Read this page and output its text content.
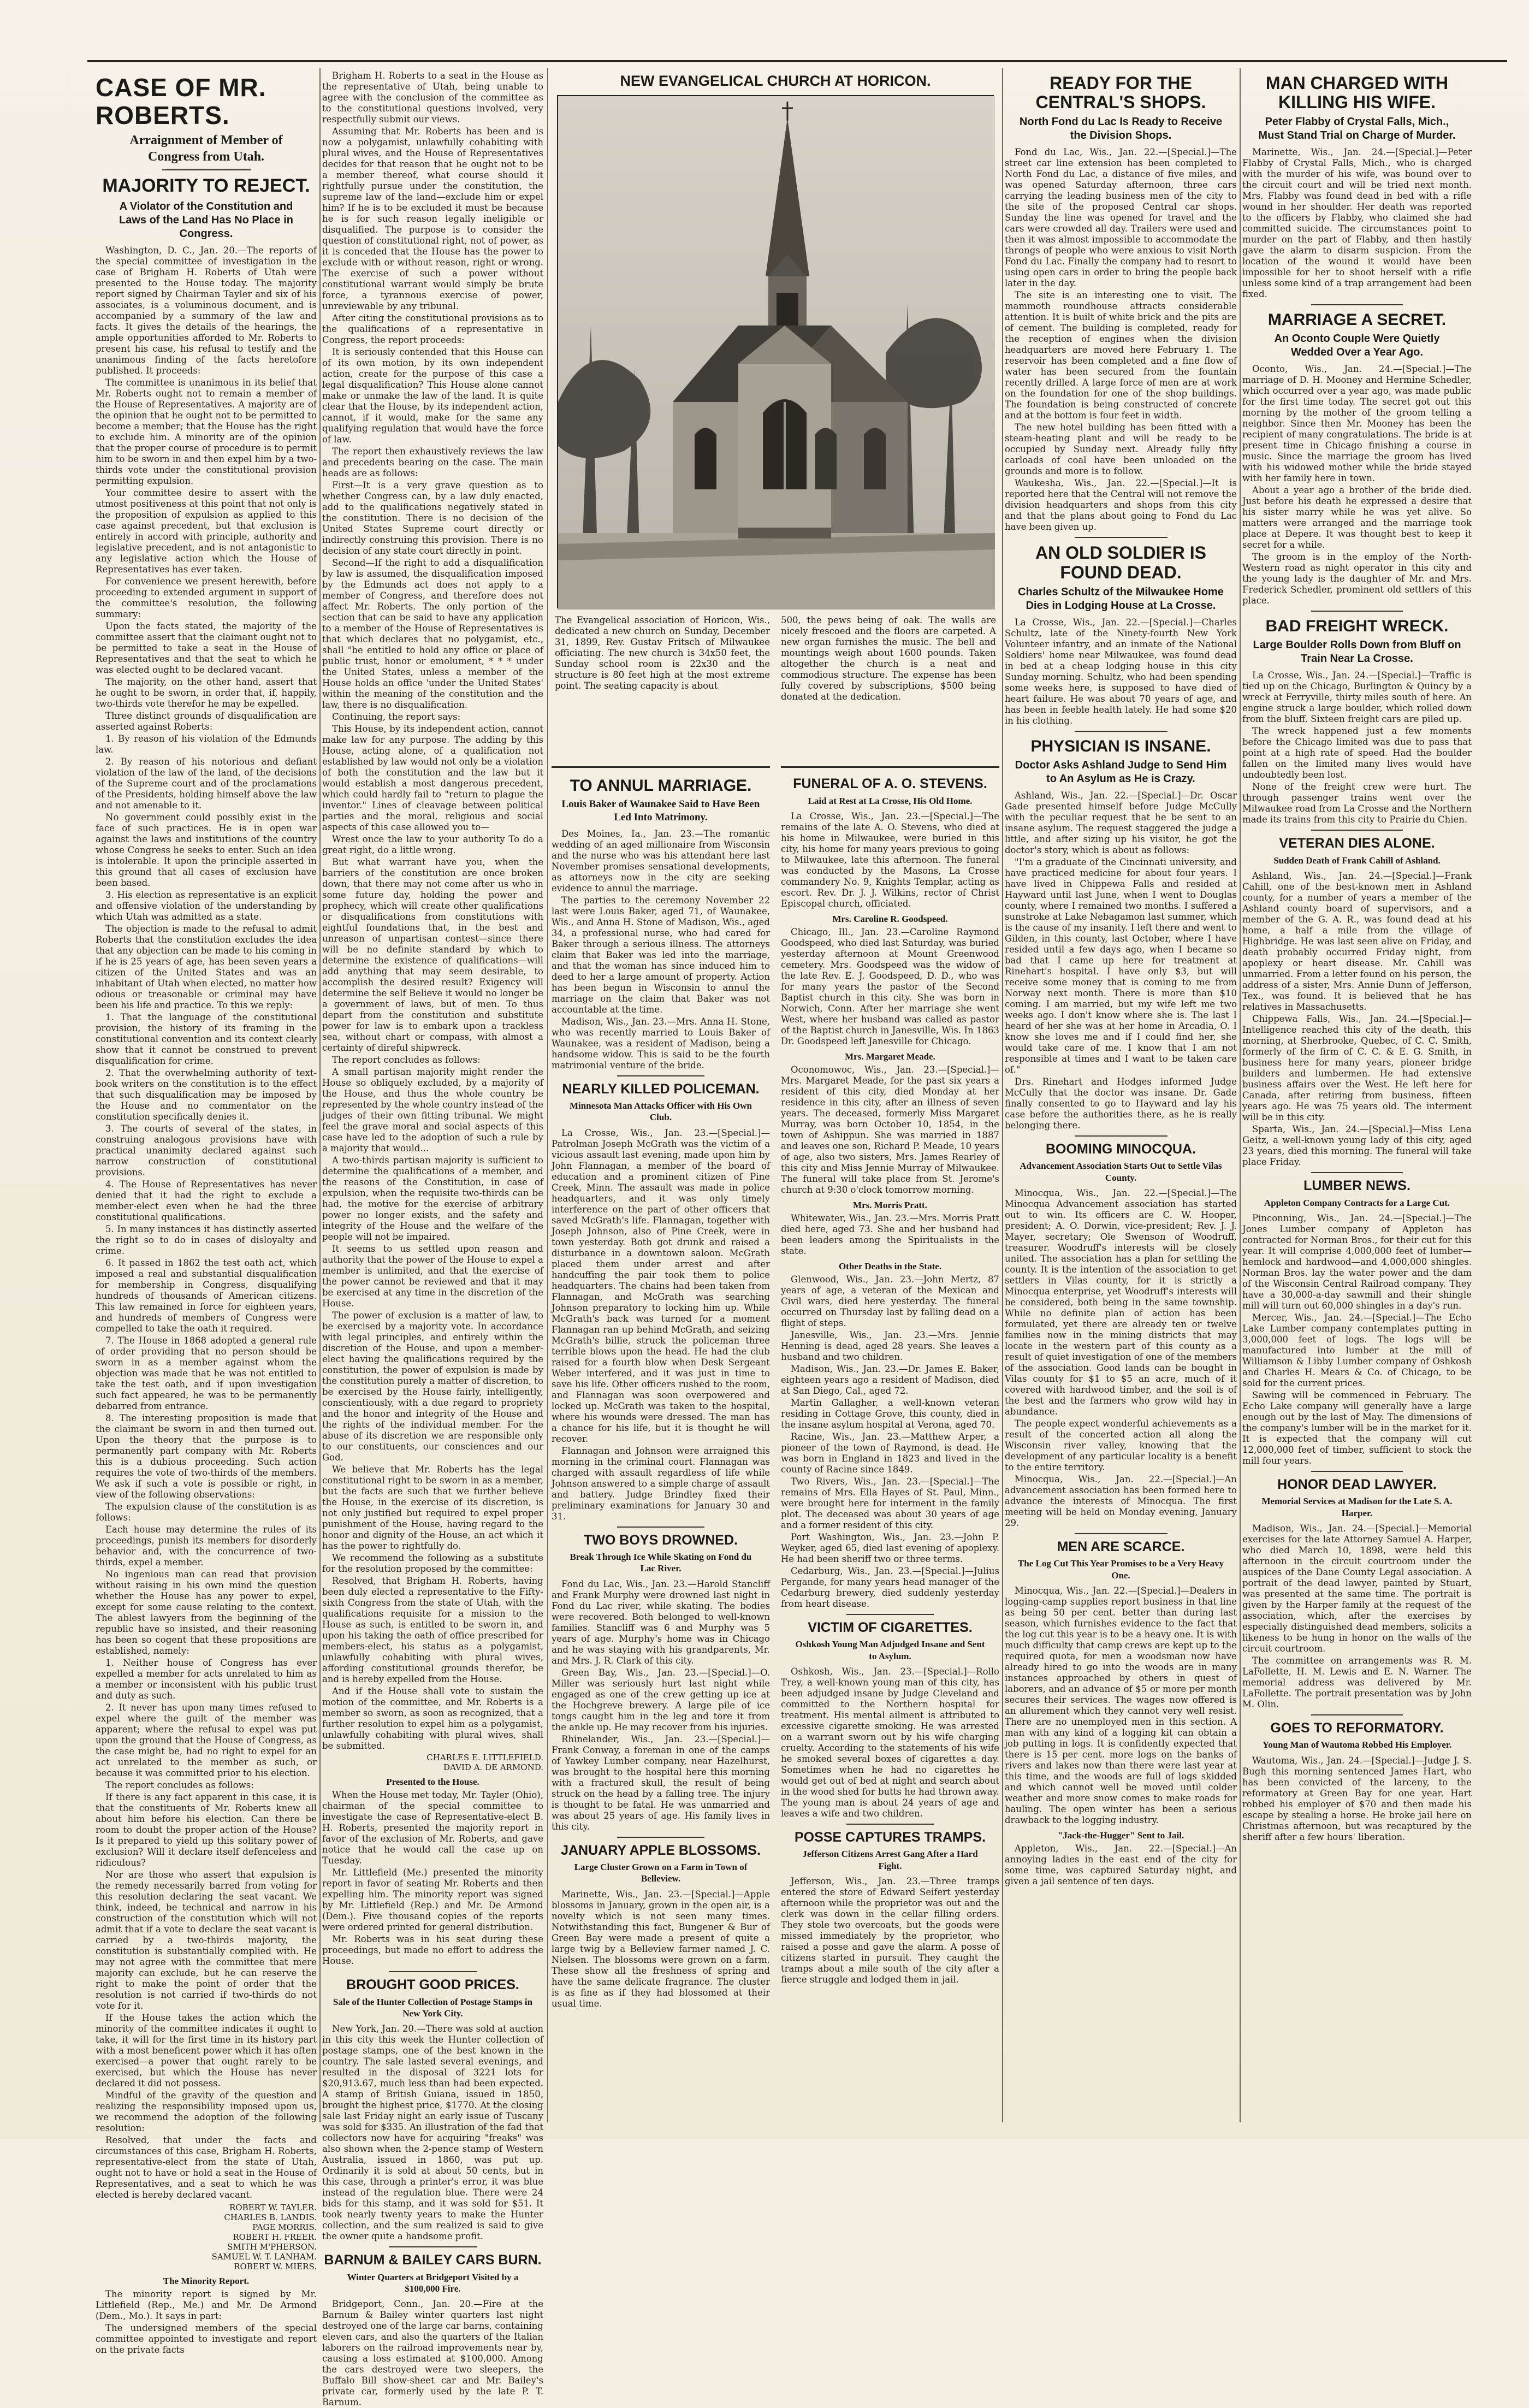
CASE OF MR. ROBERTS.
Arraignment of Member of Congress from Utah.
MAJORITY TO REJECT.
A Violator of the Constitution and Laws of the Land Has No Place in Congress.

Washington, D. C., Jan. 20.—The reports of the special committee of investigation in the case of Brigham H. Roberts of Utah were presented to the House today. The majority report signed by Chairman Tayler and six of his associates, is a voluminous document, and is accompanied by a summary of the law and facts. It gives the details of the hearings, the ample opportunities afforded to Mr. Roberts to present his case, his refusal to testify and the unanimous finding of the facts heretofore published. It proceeds:

The committee is unanimous in its belief that Mr. Roberts ought not to remain a member of the House of Representatives. A majority are of the opinion that he ought not to be permitted to become a member; that the House has the right to exclude him. A minority are of the opinion that the proper course of procedure is to permit him to be sworn in and then expel him by a two-thirds vote under the constitutional provision permitting expulsion.

Your committee desire to assert with the utmost positiveness at this point that not only is the proposition of expulsion as applied to this case against precedent, but that exclusion is entirely in accord with principle, authority and legislative precedent, and is not antagonistic to any legislative action which the House of Representatives has ever taken.

For convenience we present herewith, before proceeding to extended argument in support of the committee's resolution, the following summary:

Upon the facts stated, the majority of the committee assert that the claimant ought not to be permitted to take a seat in the House of Representatives and that the seat to which he was elected ought to be declared vacant.

The majority, on the other hand, assert that he ought to be sworn, in order that, if, happily, two-thirds vote therefor he may be expelled.

Three distinct grounds of disqualification are asserted against Roberts:

1. By reason of his violation of the Edmunds law.

2. By reason of his notorious and defiant violation of the law of the land, of the decisions of the Supreme court and of the proclamations of the Presidents, holding himself above the law and not amenable to it.

No government could possibly exist in the face of such practices. He is in open war against the laws and institutions of the country whose Congress he seeks to enter. Such an idea is intolerable. It upon the principle asserted in this ground that all cases of exclusion have been based.

3. His election as representative is an explicit and offensive violation of the understanding by which Utah was admitted as a state.

The objection is made to the refusal to admit Roberts that the constitution excludes the idea that any objection can be made to his coming in if he is 25 years of age, has been seven years a citizen of the United States and was an inhabitant of Utah when elected, no matter how odious or treasonable or criminal may have been his life and practice. To this we reply:

1. That the language of the constitutional provision, the history of its framing in the constitutional convention and its context clearly show that it cannot be construed to prevent disqualification for crime.

2. That the overwhelming authority of text-book writers on the constitution is to the effect that such disqualification may be imposed by the House and no commentator on the constitution specifically denies it.

3. The courts of several of the states, in construing analogous provisions have with practical unanimity declared against such narrow construction of constitutional provisions.

4. The House of Representatives has never denied that it had the right to exclude a member-elect even when he had the three constitutional qualifications.

5. In many instances it has distinctly asserted the right so to do in cases of disloyalty and crime.

6. It passed in 1862 the test oath act, which imposed a real and substantial disqualification for membership in Congress, disqualifying hundreds of thousands of American citizens. This law remained in force for eighteen years, and hundreds of members of Congress were compelled to take the oath it required.

7. The House in 1868 adopted a general rule of order providing that no person should be sworn in as a member against whom the objection was made that he was not entitled to take the test oath, and if upon investigation such fact appeared, he was to be permanently debarred from entrance.

8. The interesting proposition is made that the claimant be sworn in and then turned out. Upon the theory that the purpose is to permanently part company with Mr. Roberts this is a dubious proceeding. Such action requires the vote of two-thirds of the members. We ask if such a vote is possible or right, in view of the following observations:

The expulsion clause of the constitution is as follows:

Each house may determine the rules of its proceedings, punish its members for disorderly behavior and, with the concurrence of two-thirds, expel a member.

No ingenious man can read that provision without raising in his own mind the question whether the House has any power to expel, except for some cause relating to the context. The ablest lawyers from the beginning of the republic have so insisted, and their reasoning has been so cogent that these propositions are established, namely:

1. Neither house of Congress has ever expelled a member for acts unrelated to him as a member or inconsistent with his public trust and duty as such.

2. It never has upon many times refused to expel where the guilt of the member was apparent; where the refusal to expel was put upon the ground that the House of Congress, as the case might be, had no right to expel for an act unrelated to the member as such, or because it was committed prior to his election.

The report concludes as follows:

If there is any fact apparent in this case, it is that the constituents of Mr. Roberts knew all about him before his election. Can there be room to doubt the proper action of the House? Is it prepared to yield up this solitary power of exclusion? Will it declare itself defenceless and ridiculous?

Nor are those who assert that expulsion is the remedy necessarily barred from voting for this resolution declaring the seat vacant. We think, indeed, be technical and narrow in his construction of the constitution which will not admit that if a vote to declare the seat vacant is carried by a two-thirds majority, the constitution is substantially complied with. He may not agree with the committee that mere majority can exclude, but he can reserve the right to make the point of order that the resolution is not carried if two-thirds do not vote for it.

If the House takes the action which the minority of the committee indicates it ought to take, it will for the first time in its history part with a most beneficent power which it has often exercised—a power that ought rarely to be exercised, but which the House has never declared it did not possess.

Mindful of the gravity of the question and realizing the responsibility imposed upon us, we recommend the adoption of the following resolution:

Resolved, that under the facts and circumstances of this case, Brigham H. Roberts, representative-elect from the state of Utah, ought not to have or hold a seat in the House of Representatives, and a seat to which he was elected is hereby declared vacant.

ROBERT W. TAYLER.
CHARLES B. LANDIS.
PAGE MORRIS.
ROBERT H. FREER.
SMITH M'PHERSON.
SAMUEL W. T. LANHAM.
ROBERT W. MIERS.
The Minority Report.

The minority report is signed by Mr. Littlefield (Rep., Me.) and Mr. De Armond (Dem., Mo.). It says in part:

The undersigned members of the special committee appointed to investigate and report on the private facts

Brigham H. Roberts to a seat in the House as the representative of Utah, being unable to agree with the conclusion of the committee as to the constitutional questions involved, very respectfully submit our views.

Assuming that Mr. Roberts has been and is now a polygamist, unlawfully cohabiting with plural wives, and the House of Representatives decides for that reason that he ought not to be a member thereof, what course should it rightfully pursue under the constitution, the supreme law of the land—exclude him or expel him? If he is to be excluded it must be because he is for such reason legally ineligible or disqualified. The purpose is to consider the question of constitutional right, not of power, as it is conceded that the House has the power to exclude with or without reason, right or wrong. The exercise of such a power without constitutional warrant would simply be brute force, a tyrannous exercise of power, unreviewable by any tribunal.

After citing the constitutional provisions as to the qualifications of a representative in Congress, the report proceeds:

It is seriously contended that this House can of its own motion, by its own independent action, create for the purpose of this case a legal disqualification? This House alone cannot make or unmake the law of the land. It is quite clear that the House, by its independent action, cannot, if it would, make for the same any qualifying regulation that would have the force of law.

The report then exhaustively reviews the law and precedents bearing on the case. The main heads are as follows:

First—It is a very grave question as to whether Congress can, by a law duly enacted, add to the qualifications negatively stated in the constitution. There is no decision of the United States Supreme court directly or indirectly construing this provision. There is no decision of any state court directly in point.

Second—If the right to add a disqualification by law is assumed, the disqualification imposed by the Edmunds act does not apply to a member of Congress, and therefore does not affect Mr. Roberts. The only portion of the section that can be said to have any application to a member of the House of Representatives is that which declares that no polygamist, etc., shall "be entitled to hold any office or place of public trust, honor or emolument, * * * under the United States, unless a member of the House holds an office 'under the United States' within the meaning of the constitution and the law, there is no disqualification.

Continuing, the report says:

This House, by its independent action, cannot make law for any purpose. The adding by this House, acting alone, of a qualification not established by law would not only be a violation of both the constitution and the law but it would establish a most dangerous precedent, which could hardly fail to "return to plague the inventor." Lines of cleavage between political parties and the moral, religious and social aspects of this case allowed you to—

Wrest once the law to your authority To do a great right, do a little wrong.

But what warrant have you, when the barriers of the constitution are once broken down, that there may not come after us who in some future day, holding the power and prophecy, which will create other qualifications or disqualifications from constitutions with eightful foundations that, in the best and unreason of unpartisan contest—since there will be no definite standard by which to determine the existence of qualifications—will add anything that may seem desirable, to accomplish the desired result? Exigency will determine the self Believe it would no longer be a government of laws, but of men. To thus depart from the constitution and substitute power for law is to embark upon a trackless sea, without chart or compass, with almost a certainty of direful shipwreck.

The report concludes as follows:

A small partisan majority might render the House so obliquely excluded, by a majority of the House, and thus the whole country be represented by the whole country instead of the judges of their own fitting tribunal. We might feel the grave moral and social aspects of this case have led to the adoption of such a rule by a majority that would...

A two-thirds partisan majority is sufficient to determine the qualifications of a member, and the reasons of the Constitution, in case of expulsion, when the requisite two-thirds can be had, the motive for the exercise of arbitrary power no longer exists, and the safety and integrity of the House and the welfare of the people will not be impaired.

It seems to us settled upon reason and authority that the power of the House to expel a member is unlimited, and that the exercise of the power cannot be reviewed and that it may be exercised at any time in the discretion of the House.

The power of exclusion is a matter of law, to be exercised by a majority vote. In accordance with legal principles, and entirely within the discretion of the House, and upon a member-elect having the qualifications required by the constitution, the power of expulsion is made by the constitution purely a matter of discretion, to be exercised by the House fairly, intelligently, conscientiously, with a due regard to propriety and the honor and integrity of the House and the rights of the individual member. For the abuse of its discretion we are responsible only to our constituents, our consciences and our God.

We believe that Mr. Roberts has the legal constitutional right to be sworn in as a member, but the facts are such that we further believe the House, in the exercise of its discretion, is not only justified but required to expel proper punishment of the House, having regard to the honor and dignity of the House, an act which it has the power to rightfully do.

We recommend the following as a substitute for the resolution proposed by the committee:

Resolved, that Brigham H. Roberts, having been duly elected a representative to the Fifty-sixth Congress from the state of Utah, with the qualifications requisite for a mission to the House as such, is entitled to be sworn in, and upon his taking the oath of office prescribed for members-elect, his status as a polygamist, unlawfully cohabiting with plural wives, affording constitutional grounds therefor, be and is hereby expelled from the House.

And if the House shall vote to sustain the motion of the committee, and Mr. Roberts is a member so sworn, as soon as recognized, that a further resolution to expel him as a polygamist, unlawfully cohabiting with plural wives, shall be submitted.

CHARLES E. LITTLEFIELD.
DAVID A. DE ARMOND.
Presented to the House.

When the House met today, Mr. Tayler (Ohio), chairman of the special committee to investigate the case of Representative-elect B. H. Roberts, presented the majority report in favor of the exclusion of Mr. Roberts, and gave notice that he would call the case up on Tuesday.

Mr. Littlefield (Me.) presented the minority report in favor of seating Mr. Roberts and then expelling him. The minority report was signed by Mr. Littlefield (Rep.) and Mr. De Armond (Dem.). Five thousand copies of the reports were ordered printed for general distribution.

Mr. Roberts was in his seat during these proceedings, but made no effort to address the House.

BROUGHT GOOD PRICES.
Sale of the Hunter Collection of Postage Stamps in New York City.

New York, Jan. 20.—There was sold at auction in this city this week the Hunter collection of postage stamps, one of the best known in the country. The sale lasted several evenings, and resulted in the disposal of 3221 lots for $20,913.67, much less than had been expected. A stamp of British Guiana, issued in 1850, brought the highest price, $1770. At the closing sale last Friday night an early issue of Tuscany was sold for $335. An illustration of the fad that collectors now have for acquiring "freaks" was also shown when the 2-pence stamp of Western Australia, issued in 1860, was put up. Ordinarily it is sold at about 50 cents, but in this case, through a printer's error, it was blue instead of the regulation blue. There were 24 bids for this stamp, and it was sold for $51. It took nearly twenty years to make the Hunter collection, and the sum realized is said to give the owner quite a handsome profit.

BARNUM & BAILEY CARS BURN.
Winter Quarters at Bridgeport Visited by a $100,000 Fire.

Bridgeport, Conn., Jan. 20.—Fire at the Barnum & Bailey winter quarters last night destroyed one of the large car barns, containing eleven cars, and also the quarters of the Italian laborers on the railroad improvements near by, causing a loss estimated at $100,000. Among the cars destroyed were two sleepers, the Buffalo Bill show-sheet car and Mr. Bailey's private car, formerly used by the late P. T. Barnum.

NEW EVANGELICAL CHURCH AT HORICON.
The Evangelical association of Horicon, Wis., dedicated a new church on Sunday, December 31, 1899, Rev. Gustav Fritsch of Milwaukee officiating. The new church is 34x50 feet, the Sunday school room is 22x30 and the structure is 80 feet high at the most extreme point. The seating capacity is about
500, the pews being of oak. The walls are nicely frescoed and the floors are carpeted. A new organ furnishes the music. The bell and mountings weigh about 1600 pounds. Taken altogether the church is a neat and commodious structure. The expense has been fully covered by subscriptions, $500 being donated at the dedication.
TO ANNUL MARRIAGE.
Louis Baker of Waunakee Said to Have Been Led Into Matrimony.

Des Moines, Ia., Jan. 23.—The romantic wedding of an aged millionaire from Wisconsin and the nurse who was his attendant here last November promises sensational developments, as attorneys now in the city are seeking evidence to annul the marriage.

The parties to the ceremony November 22 last were Louis Baker, aged 71, of Waunakee, Wis., and Anna H. Stone of Madison, Wis., aged 34, a professional nurse, who had cared for Baker through a serious illness. The attorneys claim that Baker was led into the marriage, and that the woman has since induced him to deed to her a large amount of property. Action has been begun in Wisconsin to annul the marriage on the claim that Baker was not accountable at the time.

Madison, Wis., Jan. 23.—Mrs. Anna H. Stone, who was recently married to Louis Baker of Waunakee, was a resident of Madison, being a handsome widow. This is said to be the fourth matrimonial venture of the bride.

NEARLY KILLED POLICEMAN.
Minnesota Man Attacks Officer with His Own Club.

La Crosse, Wis., Jan. 23.—[Special.]—Patrolman Joseph McGrath was the victim of a vicious assault last evening, made upon him by John Flannagan, a member of the board of education and a prominent citizen of Pine Creek, Minn. The assault was made in police headquarters, and it was only timely interference on the part of other officers that saved McGrath's life. Flannagan, together with Joseph Johnson, also of Pine Creek, were in town yesterday. Both got drunk and raised a disturbance in a downtown saloon. McGrath placed them under arrest and after handcuffing the pair took them to police headquarters. The chains had been taken from Flannagan, and McGrath was searching Johnson preparatory to locking him up. While McGrath's back was turned for a moment Flannagan ran up behind McGrath, and seizing McGrath's billie, struck the policeman three terrible blows upon the head. He had the club raised for a fourth blow when Desk Sergeant Weber interfered, and it was just in time to save his life. Other officers rushed to the room, and Flannagan was soon overpowered and locked up. McGrath was taken to the hospital, where his wounds were dressed. The man has a chance for his life, but it is thought he will recover.

Flannagan and Johnson were arraigned this morning in the criminal court. Flannagan was charged with assault regardless of life while Johnson answered to a simple charge of assault and battery. Judge Brindley fixed their preliminary examinations for January 30 and 31.

TWO BOYS DROWNED.
Break Through Ice While Skating on Fond du Lac River.

Fond du Lac, Wis., Jan. 23.—Harold Stancliff and Frank Murphy were drowned last night in Fond du Lac river, while skating. The bodies were recovered. Both belonged to well-known families. Stancliff was 6 and Murphy was 5 years of age. Murphy's home was in Chicago and he was staying with his grandparents, Mr. and Mrs. J. R. Clark of this city.

Green Bay, Wis., Jan. 23.—[Special.]—O. Miller was seriously hurt last night while engaged as one of the crew getting up ice at the Hochgreve brewery. A large pile of ice tongs caught him in the leg and tore it from the ankle up. He may recover from his injuries.

Rhinelander, Wis., Jan. 23.—[Special.]—Frank Conway, a foreman in one of the camps of Yawkey Lumber company, near Hazelhurst, was brought to the hospital here this morning with a fractured skull, the result of being struck on the head by a falling tree. The injury is thought to be fatal. He was unmarried and was about 25 years of age. His family lives in this city.

JANUARY APPLE BLOSSOMS.
Large Cluster Grown on a Farm in Town of Belleview.

Marinette, Wis., Jan. 23.—[Special.]—Apple blossoms in January, grown in the open air, is a novelty which is not seen many times. Notwithstanding this fact, Bungener & Bur of Green Bay were made a present of quite a large twig by a Belleview farmer named J. C. Nielsen. The blossoms were grown on a farm. These show all the freshness of spring and have the same delicate fragrance. The cluster is as fine as if they had blossomed at their usual time.

FUNERAL OF A. O. STEVENS.
Laid at Rest at La Crosse, His Old Home.

La Crosse, Wis., Jan. 23.—[Special.]—The remains of the late A. O. Stevens, who died at his home in Milwaukee, were buried in this city, his home for many years previous to going to Milwaukee, late this afternoon. The funeral was conducted by the Masons, La Crosse commandery No. 9, Knights Templar, acting as escort. Rev. Dr. J. J. Wilkins, rector of Christ Episcopal church, officiated.

Mrs. Caroline R. Goodspeed.

Chicago, Ill., Jan. 23.—Caroline Raymond Goodspeed, who died last Saturday, was buried yesterday afternoon at Mount Greenwood cemetery. Mrs. Goodspeed was the widow of the late Rev. E. J. Goodspeed, D. D., who was for many years the pastor of the Second Baptist church in this city. She was born in Norwich, Conn. After her marriage she went West, where her husband was called as pastor of the Baptist church in Janesville, Wis. In 1863 Dr. Goodspeed left Janesville for Chicago.

Mrs. Margaret Meade.

Oconomowoc, Wis., Jan. 23.—[Special.]—Mrs. Margaret Meade, for the past six years a resident of this city, died Monday at her residence in this city, after an illness of seven years. The deceased, formerly Miss Margaret Murray, was born October 10, 1854, in the town of Ashippun. She was married in 1887 and leaves one son, Richard P. Meade, 10 years of age, also two sisters, Mrs. James Rearley of this city and Miss Jennie Murray of Milwaukee. The funeral will take place from St. Jerome's church at 9:30 o'clock tomorrow morning.

Mrs. Morris Pratt.

Whitewater, Wis., Jan. 23.—Mrs. Morris Pratt died here, aged 73. She and her husband had been leaders among the Spiritualists in the state.

Other Deaths in the State.

Glenwood, Wis., Jan. 23.—John Mertz, 87 years of age, a veteran of the Mexican and Civil wars, died here yesterday. The funeral occurred on Thursday last by falling dead on a flight of steps.

Janesville, Wis., Jan. 23.—Mrs. Jennie Henning is dead, aged 28 years. She leaves a husband and two children.

Madison, Wis., Jan. 23.—Dr. James E. Baker, eighteen years ago a resident of Madison, died at San Diego, Cal., aged 72.

Martin Gallagher, a well-known veteran residing in Cottage Grove, this county, died in the insane asylum hospital at Verona, aged 70.

Racine, Wis., Jan. 23.—Matthew Arper, a pioneer of the town of Raymond, is dead. He was born in England in 1823 and lived in the county of Racine since 1849.

Two Rivers, Wis., Jan. 23.—[Special.]—The remains of Mrs. Ella Hayes of St. Paul, Minn., were brought here for interment in the family plot. The deceased was about 30 years of age and a former resident of this city.

Port Washington, Wis., Jan. 23.—John P. Weyker, aged 65, died last evening of apoplexy. He had been sheriff two or three terms.

Cedarburg, Wis., Jan. 23.—[Special.]—Julius Pergande, for many years head manager of the Cedarburg brewery, died suddenly yesterday from heart disease.

VICTIM OF CIGARETTES.
Oshkosh Young Man Adjudged Insane and Sent to Asylum.

Oshkosh, Wis., Jan. 23.—[Special.]—Rollo Trey, a well-known young man of this city, has been adjudged insane by Judge Cleveland and committed to the Northern hospital for treatment. His mental ailment is attributed to excessive cigarette smoking. He was arrested on a warrant sworn out by his wife charging cruelty. According to the statements of his wife he smoked several boxes of cigarettes a day. Sometimes when he had no cigarettes he would get out of bed at night and search about in the wood shed for butts he had thrown away. The young man is about 24 years of age and leaves a wife and two children.

POSSE CAPTURES TRAMPS.
Jefferson Citizens Arrest Gang After a Hard Fight.

Jefferson, Wis., Jan. 23.—Three tramps entered the store of Edward Seifert yesterday afternoon while the proprietor was out and the clerk was down in the cellar filling orders. They stole two overcoats, but the goods were missed immediately by the proprietor, who raised a posse and gave the alarm. A posse of citizens started in pursuit. They caught the tramps about a mile south of the city after a fierce struggle and lodged them in jail.

READY FOR THE CENTRAL'S SHOPS.
North Fond du Lac Is Ready to Receive the Division Shops.

Fond du Lac, Wis., Jan. 22.—[Special.]—The street car line extension has been completed to North Fond du Lac, a distance of five miles, and was opened Saturday afternoon, three cars carrying the leading business men of the city to the site of the proposed Central car shops. Sunday the line was opened for travel and the cars were crowded all day. Trailers were used and then it was almost impossible to accommodate the throngs of people who were anxious to visit North Fond du Lac. Finally the company had to resort to using open cars in order to bring the people back later in the day.

The site is an interesting one to visit. The mammoth roundhouse attracts considerable attention. It is built of white brick and the pits are of cement. The building is completed, ready for the reception of engines when the division headquarters are moved here February 1. The reservoir has been completed and a fine flow of water has been secured from the fountain recently drilled. A large force of men are at work on the foundation for one of the shop buildings. The foundation is being constructed of concrete and at the bottom is four feet in width.

The new hotel building has been fitted with a steam-heating plant and will be ready to be occupied by Sunday next. Already fully fifty carloads of coal have been unloaded on the grounds and more is to follow.

Waukesha, Wis., Jan. 22.—[Special.]—It is reported here that the Central will not remove the division headquarters and shops from this city and that the plans about going to Fond du Lac have been given up.

AN OLD SOLDIER IS FOUND DEAD.
Charles Schultz of the Milwaukee Home Dies in Lodging House at La Crosse.

La Crosse, Wis., Jan. 22.—[Special.]—Charles Schultz, late of the Ninety-fourth New York Volunteer infantry, and an inmate of the National Soldiers' home near Milwaukee, was found dead in bed at a cheap lodging house in this city Sunday morning. Schultz, who had been spending some weeks here, is supposed to have died of heart failure. He was about 70 years of age, and has been in feeble health lately. He had some $20 in his clothing.

PHYSICIAN IS INSANE.
Doctor Asks Ashland Judge to Send Him to An Asylum as He is Crazy.

Ashland, Wis., Jan. 22.—[Special.]—Dr. Oscar Gade presented himself before Judge McCully with the peculiar request that he be sent to an insane asylum. The request staggered the judge a little, and after sizing up his visitor, he got the doctor's story, which is about as follows:

"I'm a graduate of the Cincinnati university, and have practiced medicine for about four years. I have lived in Chippewa Falls and resided at Hayward until last June, when I went to Douglas county, where I remained two months. I suffered a sunstroke at Lake Nebagamon last summer, which is the cause of my insanity. I left there and went to Gilden, in this county, last October, where I have resided until a few days ago, when I became so bad that I came up here for treatment at Rinehart's hospital. I have only $3, but will receive some money that is coming to me from Norway next month. There is more than $10 coming. I am married, but my wife left me two weeks ago. I don't know where she is. The last I heard of her she was at her home in Arcadia, O. I know she loves me and if I could find her, she would take care of me. I know that I am not responsible at times and I want to be taken care of."

Drs. Rinehart and Hodges informed Judge McCully that the doctor was insane. Dr. Gade finally consented to go to Hayward and lay his case before the authorities there, as he is really belonging there.

BOOMING MINOCQUA.
Advancement Association Starts Out to Settle Vilas County.

Minocqua, Wis., Jan. 22.—[Special.]—The Minocqua Advancement association has started out to win. Its officers are C. W. Hooper, president; A. O. Dorwin, vice-president; Rev. J. J. Mayer, secretary; Ole Swenson of Woodruff, treasurer. Woodruff's interests will be closely united. The association has a plan for settling the county. It is the intention of the association to get settlers in Vilas county, for it is strictly a Minocqua enterprise, yet Woodruff's interests will be considered, both being in the same township. While no definite plan of action has been formulated, yet there are already ten or twelve families now in the mining districts that may locate in the western part of this county as a result of quiet investigation of one of the members of the association. Good lands can be bought in Vilas county for $1 to $5 an acre, much of it covered with hardwood timber, and the soil is of the best and the farmers who grow wild hay in abundance.

The people expect wonderful achievements as a result of the concerted action all along the Wisconsin river valley, knowing that the development of any particular locality is a benefit to the entire territory.

Minocqua, Wis., Jan. 22.—[Special.]—An advancement association has been formed here to advance the interests of Minocqua. The first meeting will be held on Monday evening, January 29.

MEN ARE SCARCE.
The Log Cut This Year Promises to be a Very Heavy One.

Minocqua, Wis., Jan. 22.—[Special.]—Dealers in logging-camp supplies report business in that line as being 50 per cent. better than during last season, which furnishes evidence to the fact that the log cut this year is to be a heavy one. It is with much difficulty that camp crews are kept up to the required quota, for men a woodsman now have already hired to go into the woods are in many instances approached by others in quest of laborers, and an advance of $5 or more per month secures their services. The wages now offered is an allurement which they cannot very well resist. There are no unemployed men in this section. A man with any kind of a logging kit can obtain a job putting in logs. It is confidently expected that there is 15 per cent. more logs on the banks of rivers and lakes now than there were last year at this time, and the woods are full of logs skidded and which cannot well be moved until colder weather and more snow comes to make roads for hauling. The open winter has been a serious drawback to the logging industry.

"Jack-the-Hugger" Sent to Jail.

Appleton, Wis., Jan. 22.—[Special.]—An annoying ladies in the east end of the city for some time, was captured Saturday night, and given a jail sentence of ten days.

MAN CHARGED WITH KILLING HIS WIFE.
Peter Flabby of Crystal Falls, Mich., Must Stand Trial on Charge of Murder.

Marinette, Wis., Jan. 24.—[Special.]—Peter Flabby of Crystal Falls, Mich., who is charged with the murder of his wife, was bound over to the circuit court and will be tried next month. Mrs. Flabby was found dead in bed with a rifle wound in her shoulder. Her death was reported to the officers by Flabby, who claimed she had committed suicide. The circumstances point to murder on the part of Flabby, and then hastily gave the alarm to disarm suspicion. From the location of the wound it would have been impossible for her to shoot herself with a rifle unless some kind of a trap arrangement had been fixed.

MARRIAGE A SECRET.
An Oconto Couple Were Quietly Wedded Over a Year Ago.

Oconto, Wis., Jan. 24.—[Special.]—The marriage of D. H. Mooney and Hermine Schedler, which occurred over a year ago, was made public for the first time today. The secret got out this morning by the mother of the groom telling a neighbor. Since then Mr. Mooney has been the recipient of many congratulations. The bride is at present time in Chicago finishing a course in music. Since the marriage the groom has lived with his widowed mother while the bride stayed with her family here in town.

About a year ago a brother of the bride died. Just before his death he expressed a desire that his sister marry while he was yet alive. So matters were arranged and the marriage took place at Depere. It was thought best to keep it secret for a while.

The groom is in the employ of the North-Western road as night operator in this city and the young lady is the daughter of Mr. and Mrs. Frederick Schedler, prominent old settlers of this place.

BAD FREIGHT WRECK.
Large Boulder Rolls Down from Bluff on Train Near La Crosse.

La Crosse, Wis., Jan. 24.—[Special.]—Traffic is tied up on the Chicago, Burlington & Quincy by a wreck at Ferryville, thirty miles south of here. An engine struck a large boulder, which rolled down from the bluff. Sixteen freight cars are piled up.

The wreck happened just a few moments before the Chicago limited was due to pass that point at a high rate of speed. Had the boulder fallen on the limited many lives would have undoubtedly been lost.

None of the freight crew were hurt. The through passenger trains went over the Milwaukee road from La Crosse and the Northern made its trains from this city to Prairie du Chien.

VETERAN DIES ALONE.
Sudden Death of Frank Cahill of Ashland.

Ashland, Wis., Jan. 24.—[Special.]—Frank Cahill, one of the best-known men in Ashland county, for a number of years a member of the Ashland county board of supervisors, and a member of the G. A. R., was found dead at his home, a half a mile from the village of Highbridge. He was last seen alive on Friday, and death probably occurred Friday night, from apoplexy or heart disease. Mr. Cahill was unmarried. From a letter found on his person, the address of a sister, Mrs. Annie Dunn of Jefferson, Tex., was found. It is believed that he has relatives in Massachusetts.

Chippewa Falls, Wis., Jan. 24.—[Special.]—Intelligence reached this city of the death, this morning, at Sherbrooke, Quebec, of C. C. Smith, formerly of the firm of C. C. & E. G. Smith, in business here for many years, pioneer bridge builders and lumbermen. He had extensive business affairs over the West. He left here for Canada, after retiring from business, fifteen years ago. He was 75 years old. The interment will be in this city.

Sparta, Wis., Jan. 24.—[Special.]—Miss Lena Geitz, a well-known young lady of this city, aged 23 years, died this morning. The funeral will take place Friday.

LUMBER NEWS.
Appleton Company Contracts for a Large Cut.

Pinconning, Wis., Jan. 24.—[Special.]—The Jones Lumber company of Appleton has contracted for Norman Bros., for their cut for this year. It will comprise 4,000,000 feet of lumber—hemlock and hardwood—and 4,000,000 shingles. Norman Bros. lay the water power and the dam of the Wisconsin Central Railroad company. They have a 30,000-a-day sawmill and their shingle mill will turn out 60,000 shingles in a day's run.

Mercer, Wis., Jan. 24.—[Special.]—The Echo Lake Lumber company contemplates putting in 3,000,000 feet of logs. The logs will be manufactured into lumber at the mill of Williamson & Libby Lumber company of Oshkosh and Charles H. Mears & Co. of Chicago, to be sold for the current prices.

Sawing will be commenced in February. The Echo Lake company will generally have a large enough out by the last of May. The dimensions of the company's lumber will be in the market for it. It is expected that the company will cut 12,000,000 feet of timber, sufficient to stock the mill four years.

HONOR DEAD LAWYER.
Memorial Services at Madison for the Late S. A. Harper.

Madison, Wis., Jan. 24.—[Special.]—Memorial exercises for the late Attorney Samuel A. Harper, who died March 10, 1898, were held this afternoon in the circuit courtroom under the auspices of the Dane County Legal association. A portrait of the dead lawyer, painted by Stuart, was presented at the same time. The portrait is given by the Harper family at the request of the association, which, after the exercises by especially distinguished dead members, solicits a likeness to be hung in honor on the walls of the circuit courtroom.

The committee on arrangements was R. M. LaFollette, H. M. Lewis and E. N. Warner. The memorial address was delivered by Mr. LaFollette. The portrait presentation was by John M. Olin.

GOES TO REFORMATORY.
Young Man of Wautoma Robbed His Employer.

Wautoma, Wis., Jan. 24.—[Special.]—Judge J. S. Bugh this morning sentenced James Hart, who has been convicted of the larceny, to the reformatory at Green Bay for one year. Hart robbed his employer of $70 and then made his escape by stealing a horse. He broke jail here on Christmas afternoon, but was recaptured by the sheriff after a few hours' liberation.
